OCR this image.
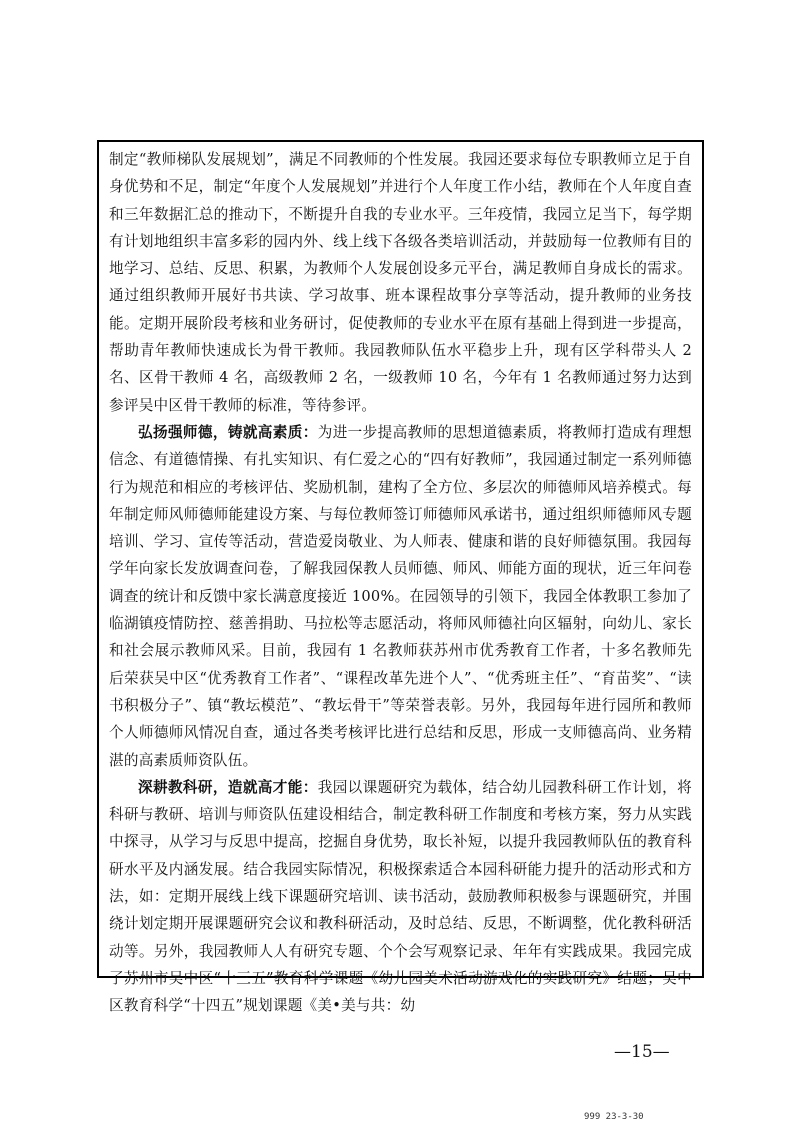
制定“教师梯队发展规划”，满足不同教师的个性发展。我园还要求每位专职教师立足于自身优势和不足，制定“年度个人发展规划”并进行个人年度工作小结，教师在个人年度自查和三年数据汇总的推动下，不断提升自我的专业水平。三年疫情，我园立足当下，每学期有计划地组织丰富多彩的园内外、线上线下各级各类培训活动，并鼓励每一位教师有目的地学习、总结、反思、积累，为教师个人发展创设多元平台，满足教师自身成长的需求。通过组织教师开展好书共读、学习故事、班本课程故事分享等活动，提升教师的业务技能。定期开展阶段考核和业务研讨，促使教师的专业水平在原有基础上得到进一步提高，帮助青年教师快速成长为骨干教师。我园教师队伍水平稳步上升，现有区学科带头人 2 名、区骨干教师 4 名，高级教师 2 名，一级教师 10 名，今年有 1 名教师通过努力达到参评吴中区骨干教师的标准，等待参评。

弘扬强师德，铸就高素质：为进一步提高教师的思想道德素质，将教师打造成有理想信念、有道德情操、有扎实知识、有仁爱之心的“四有好教师”，我园通过制定一系列师德行为规范和相应的考核评估、奖励机制，建构了全方位、多层次的师德师风培养模式。每年制定师风师德师能建设方案、与每位教师签订师德师风承诺书，通过组织师德师风专题培训、学习、宣传等活动，营造爱岗敬业、为人师表、健康和谐的良好师德氛围。我园每学年向家长发放调查问卷，了解我园保教人员师德、师风、师能方面的现状，近三年问卷调查的统计和反馈中家长满意度接近 100%。在园领导的引领下，我园全体教职工参加了临湖镇疫情防控、慈善捐助、马拉松等志愿活动，将师风师德社向区辐射，向幼儿、家长和社会展示教师风采。目前，我园有 1 名教师获苏州市优秀教育工作者，十多名教师先后荣获吴中区“优秀教育工作者”、“课程改革先进个人”、“优秀班主任”、“育苗奖”、“读书积极分子”、镇“教坛模范”、“教坛骨干”等荣誉表彰。另外，我园每年进行园所和教师个人师德师风情况自查，通过各类考核评比进行总结和反思，形成一支师德高尚、业务精湛的高素质师资队伍。

深耕教科研，造就高才能：我园以课题研究为载体，结合幼儿园教科研工作计划，将科研与教研、培训与师资队伍建设相结合，制定教科研工作制度和考核方案，努力从实践中探寻，从学习与反思中提高，挖掘自身优势，取长补短，以提升我园教师队伍的教育科研水平及内涵发展。结合我园实际情况，积极探索适合本园科研能力提升的活动形式和方法，如：定期开展线上线下课题研究培训、读书活动，鼓励教师积极参与课题研究，并围绕计划定期开展课题研究会议和教科研活动，及时总结、反思，不断调整，优化教科研活动等。另外，我园教师人人有研究专题、个个会写观察记录、年年有实践成果。我园完成了苏州市吴中区“十三五”教育科学课题《幼儿园美术活动游戏化的实践研究》结题；吴中区教育科学“十四五”规划课题《美•美与共：幼

—15—
999 23-3-30
